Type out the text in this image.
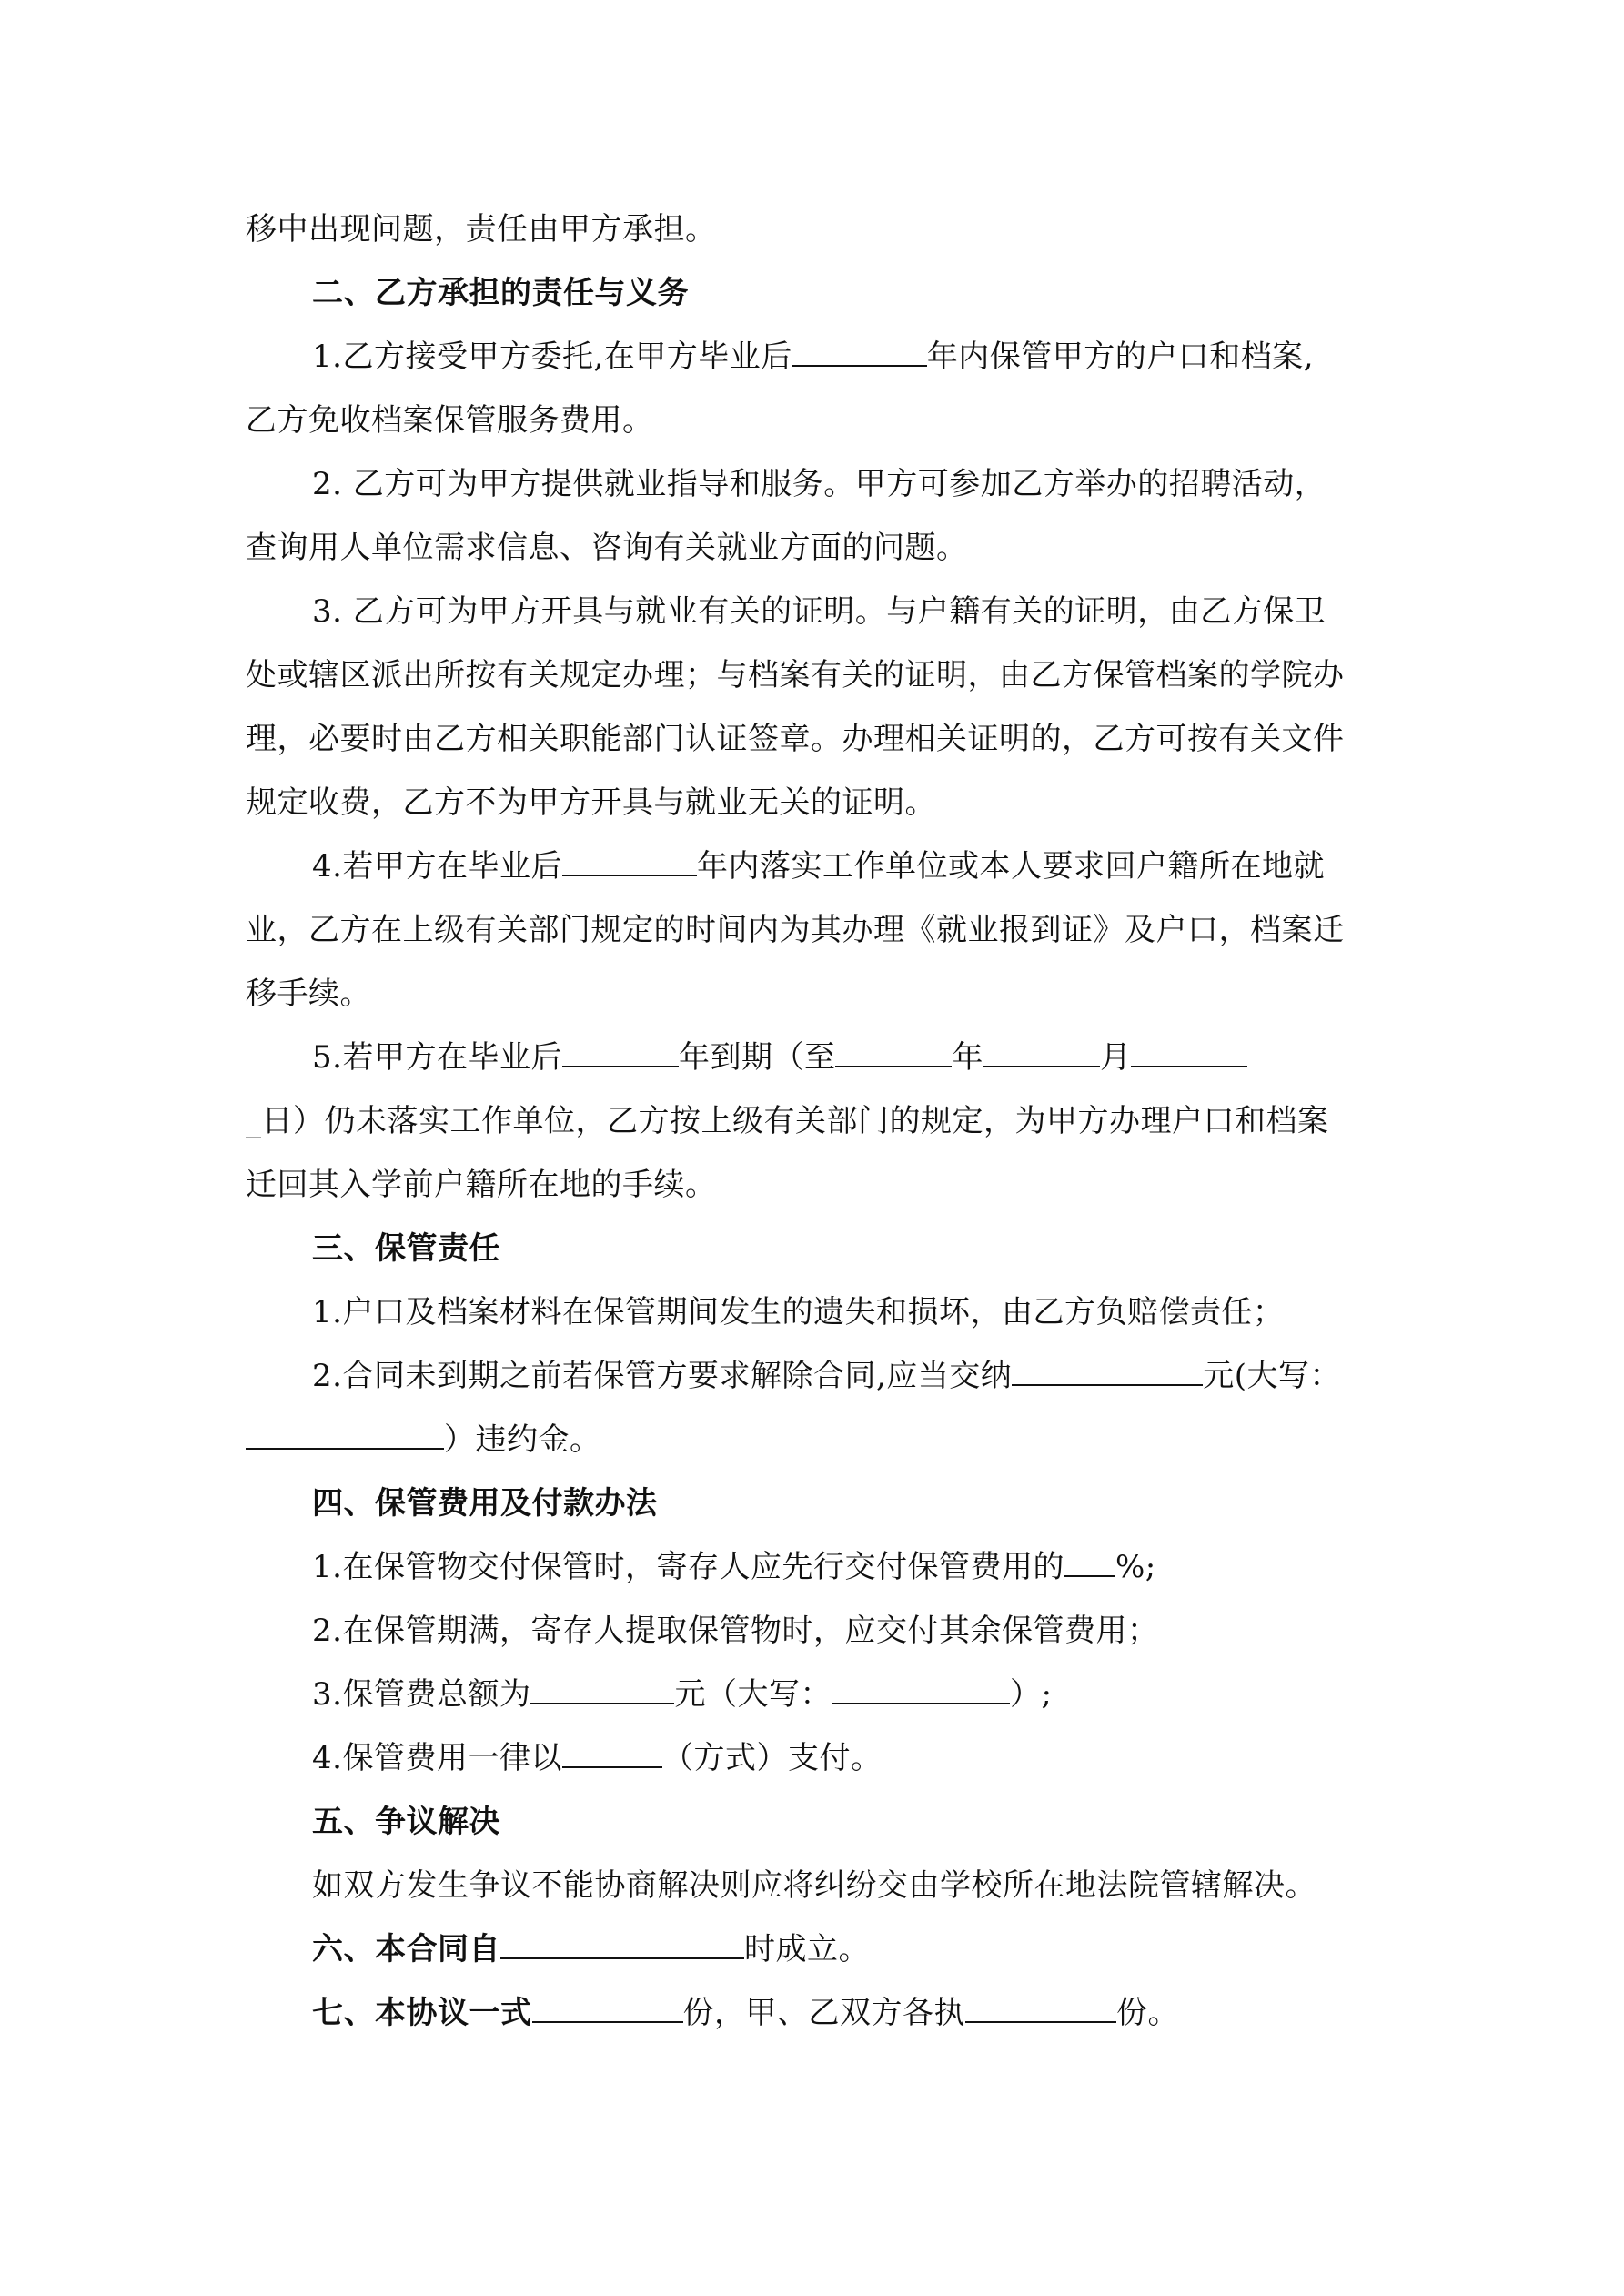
移中出现问题，责任由甲方承担。
二、乙方承担的责任与义务
1.乙方接受甲方委托,在甲方毕业后	年内保管甲方的户口和档案,
乙方免收档案保管服务费用。
2. 乙方可为甲方提供就业指导和服务。甲方可参加乙方举办的招聘活动，
查询用人单位需求信息、咨询有关就业方面的问题。
3. 乙方可为甲方开具与就业有关的证明。与户籍有关的证明，由乙方保卫
处或辖区派出所按有关规定办理；与档案有关的证明，由乙方保管档案的学院办
理，必要时由乙方相关职能部门认证签章。办理相关证明的，乙方可按有关文件
规定收费，乙方不为甲方开具与就业无关的证明。
4.若甲方在毕业后	年内落实工作单位或本人要求回户籍所在地就
业，乙方在上级有关部门规定的时间内为其办理《就业报到证》及户口，档案迁
移手续。
5.若甲方在毕业后	年到期（至	年	月
_日）仍未落实工作单位，乙方按上级有关部门的规定，为甲方办理户口和档案
迁回其入学前户籍所在地的手续。
三、保管责任
1.户口及档案材料在保管期间发生的遗失和损坏，由乙方负赔偿责任；
2.合同未到期之前若保管方要求解除合同,应当交纳	元(大写：
）违约金。
四、保管费用及付款办法
1.在保管物交付保管时，寄存人应先行交付保管费用的 %;
2.在保管期满，寄存人提取保管物时，应交付其余保管费用；
3.保管费总额为	元（大写：	）;
4.保管费用一律以	（方式）支付。
五、争议解决
如双方发生争议不能协商解决则应将纠纷交由学校所在地法院管辖解决。
六、本合同自	时成立。
七、本协议一式	份，甲、乙双方各执	份。
